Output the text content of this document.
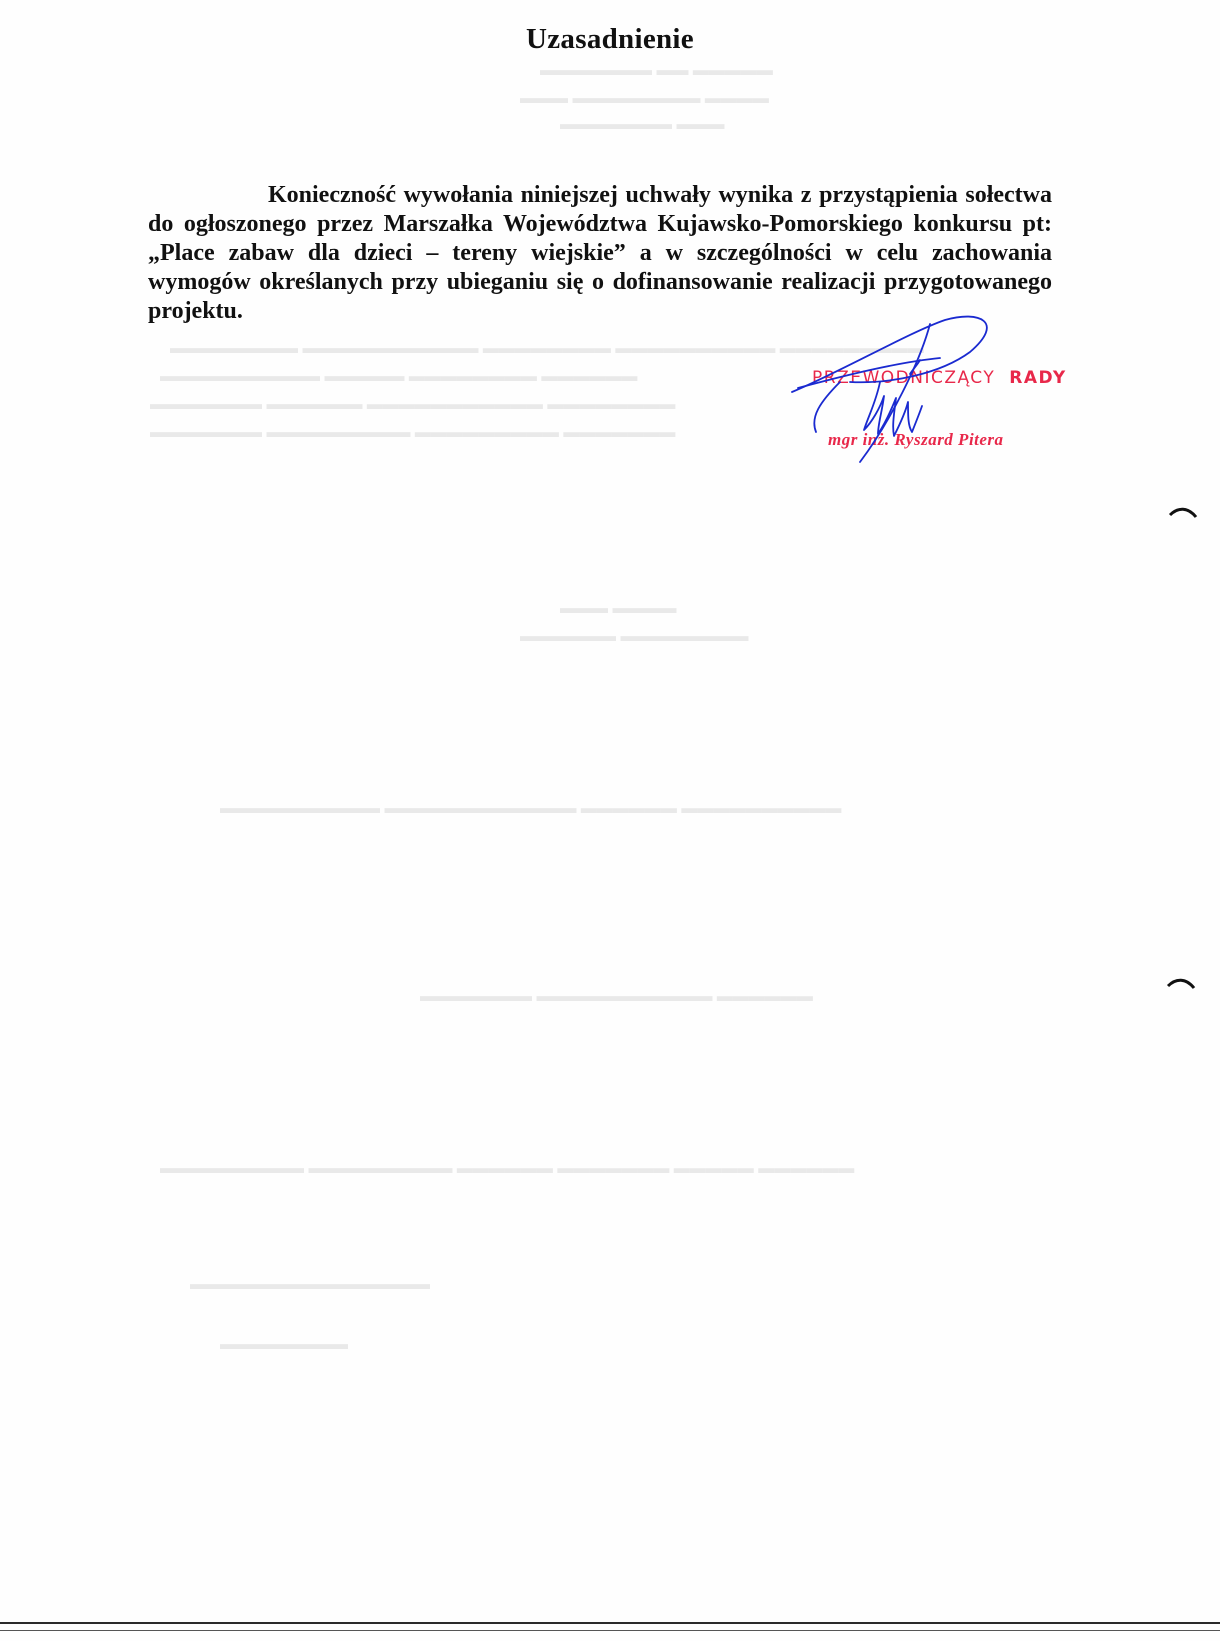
▬▬▬▬▬ ▬▬ ▬▬▬▬▬▬▬
▬▬▬▬ ▬▬▬▬▬▬▬▬ ▬▬▬
▬▬▬ ▬▬▬▬▬▬▬
▬▬▬▬▬▬▬▬▬ ▬▬▬▬▬▬▬▬▬▬ ▬▬▬▬▬▬▬▬ ▬▬▬▬▬▬▬▬▬▬▬ ▬▬▬▬▬▬▬▬
▬▬▬▬▬▬ ▬▬▬▬▬▬▬▬ ▬▬▬▬▬ ▬▬▬▬▬▬▬▬▬▬
▬▬▬▬▬▬▬▬ ▬▬▬▬▬▬▬▬▬▬▬ ▬▬▬▬▬▬ ▬▬▬▬▬▬▬
▬▬▬▬▬▬▬ ▬▬▬▬▬▬▬▬▬ ▬▬▬▬▬▬▬▬▬ ▬▬▬▬▬▬▬
▬▬▬▬ ▬▬▬
▬▬▬▬▬▬▬▬ ▬▬▬▬▬▬
▬▬▬▬▬▬▬▬▬▬ ▬▬▬▬▬▬ ▬▬▬▬▬▬▬▬▬▬▬▬ ▬▬▬▬▬▬▬▬▬▬
▬▬▬▬▬▬ ▬▬▬▬▬▬▬▬▬▬▬ ▬▬▬▬▬▬▬
▬▬▬▬▬▬ ▬▬▬▬▬ ▬▬▬▬▬▬▬ ▬▬▬▬▬▬ ▬▬▬▬▬▬▬▬▬ ▬▬▬▬▬▬▬▬▬
▬▬▬▬▬▬▬▬▬▬▬▬▬▬▬
▬▬▬▬▬▬▬▬
Uzasadnienie

Konieczność wywołania niniejszej uchwały wynika z przystąpienia sołectwa do ogłoszonego przez Marszałka Województwa Kujawsko-Pomorskiego konkursu pt: „Place zabaw dla dzieci – tereny wiejskie” a w szczególności w celu zachowania wymogów określanych przy ubieganiu się o dofinansowanie realizacji przygotowanego projektu.

PRZEWODNICZĄCY RADY
mgr inż. Ryszard Pitera
